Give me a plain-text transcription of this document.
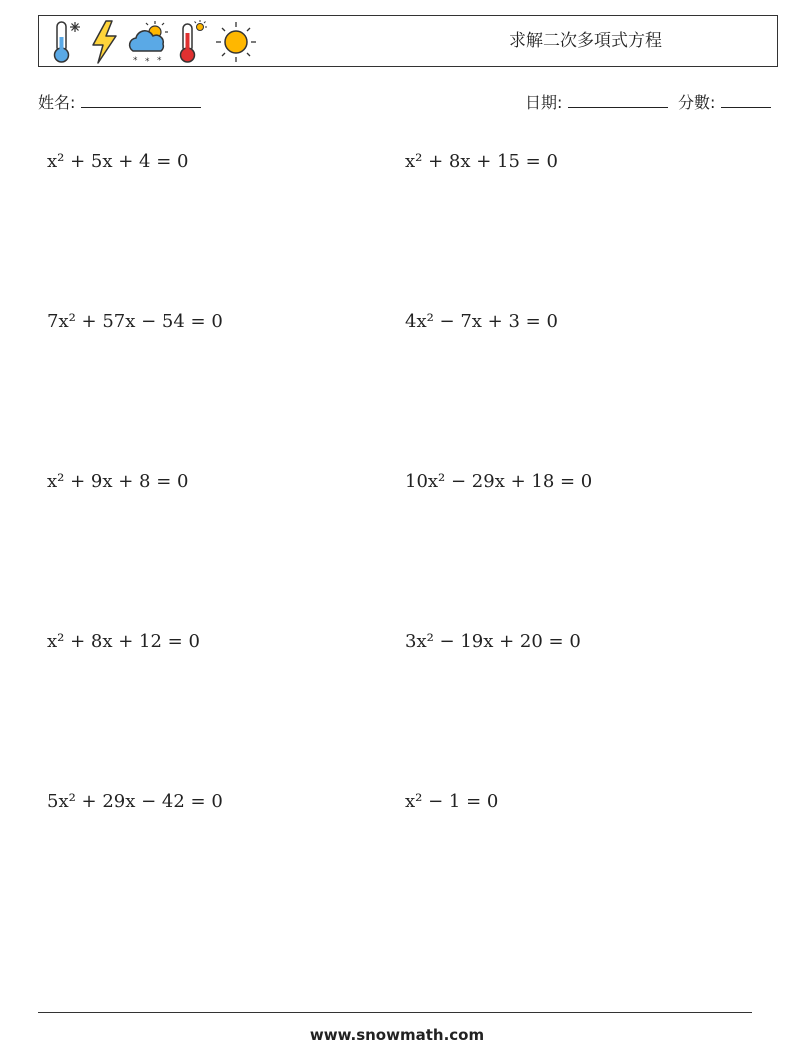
* * *
求解二次多項式方程
姓名:	日期:	分數:
x² + 5x + 4 = 0	x² + 8x + 15 = 0
7x² + 57x − 54 = 0	4x² − 7x + 3 = 0
x² + 9x + 8 = 0	10x² − 29x + 18 = 0
x² + 8x + 12 = 0	3x² − 19x + 20 = 0
5x² + 29x − 42 = 0	x² − 1 = 0
www.snowmath.com
